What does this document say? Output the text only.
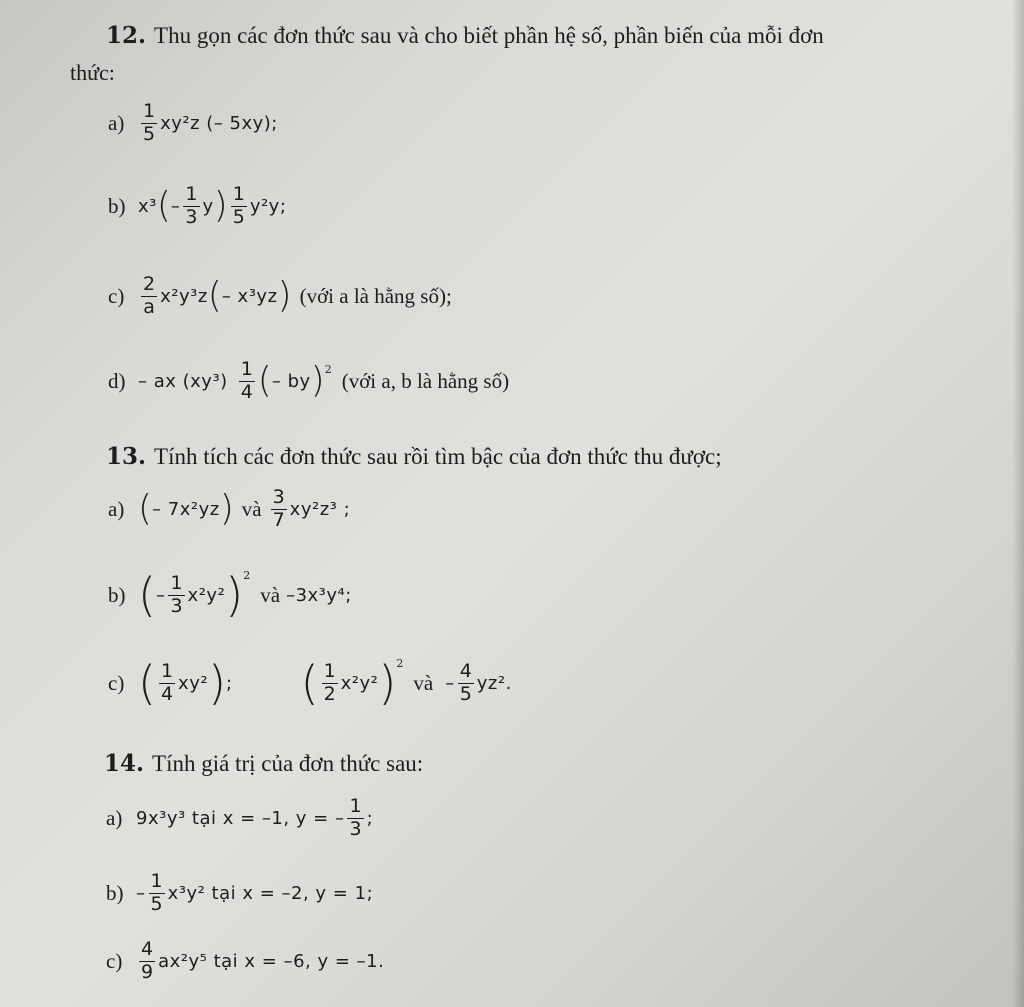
12. Thu gọn các đơn thức sau và cho biết phần hệ số, phần biến của mỗi đơn
thức:
$a) \frac{1}{5} xy^2z$ (– 5xy);
b) x³ ( – $\frac{1}{3}$ y ) $\frac{1}{5} y^2y$;
$c) \frac{2}{a} x^2y^3z$ ( – x³yz ) (với a là hằng số);
d) – ax $(xy^3) \frac{1}{4}$ ( – by ) 2 (với a, b là hằng số)
13. Tính tích các đơn thức sau rồi tìm bậc của đơn thức thu được;
a) ( – 7x²yz ) và $\frac{3}{7} xy^2z^3$ ;
b) ( – $\frac{1}{3} x^2y^2$ ) 2
và –3x³y⁴;
c) ( $\frac{1}{4} xy^2$ ) ; ( $\frac{1}{2} x^2y^2$ ) 2
và – $\frac{4}{5} yz^2$.
14. Tính giá trị của đơn thức sau:
a) 9x³y³ tại x = –1, y = – $\frac{1}{3}$ ;
$b) - \frac{1}{5} x^3y^2$ tại x = –2, y = 1;
$c) \frac{4}{9} ax^2y^5$ tại x = –6, y = –1.
